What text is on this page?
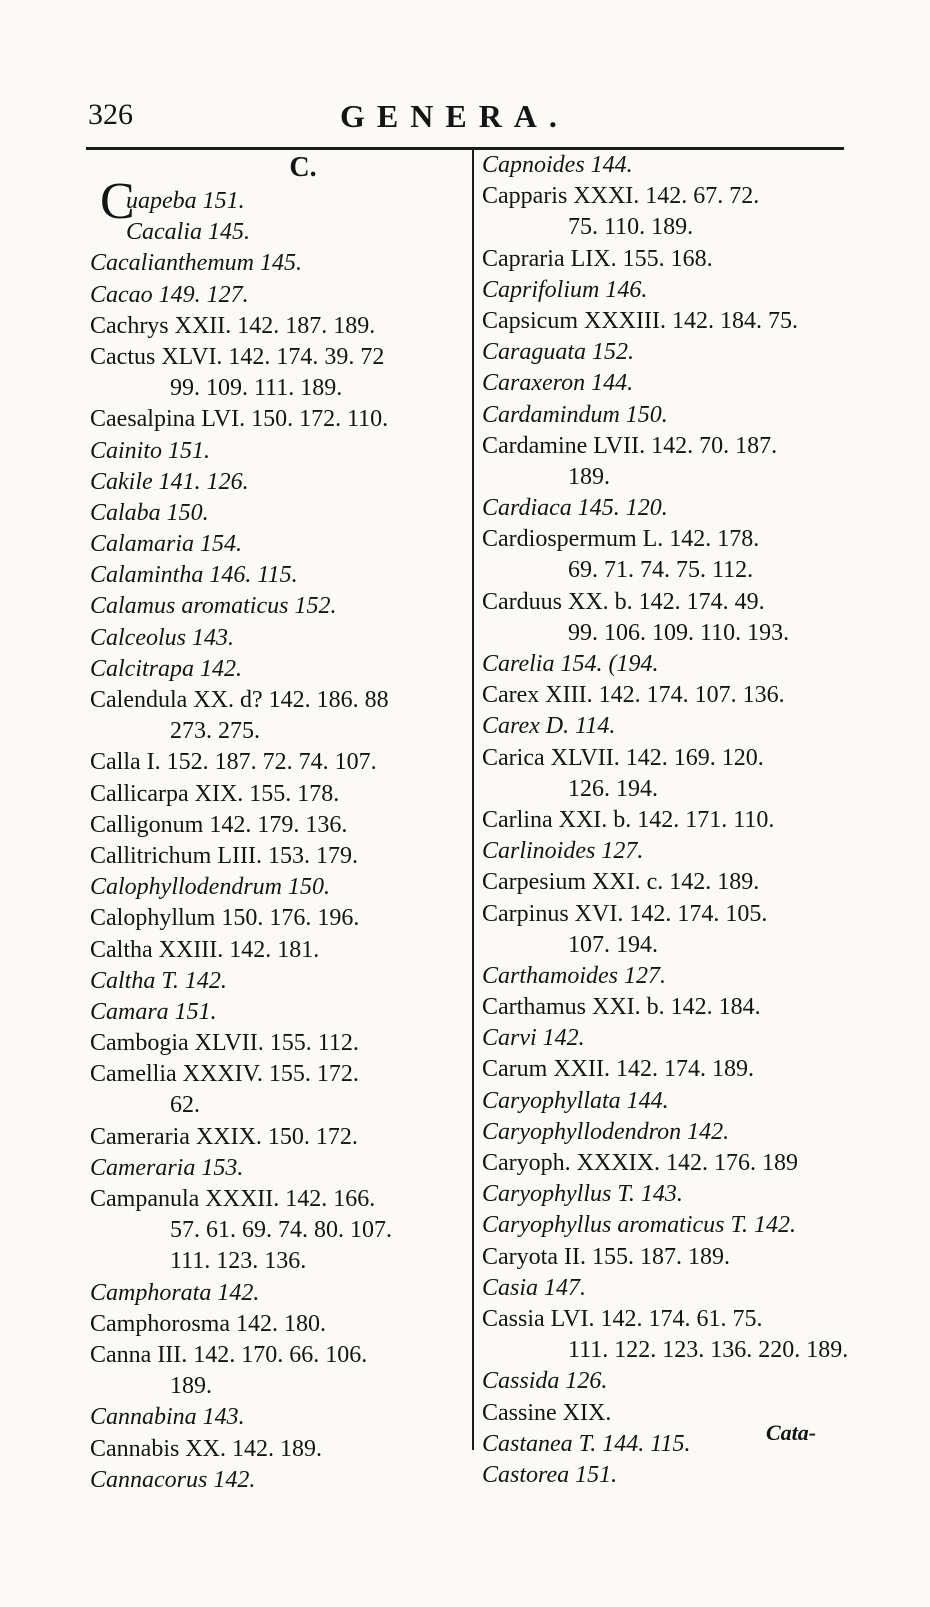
326	GENERA.
C.
C
uapeba 151.
Cacalia 145.
Cacalianthemum 145.
Cacao 149. 127.
Cachrys XXII. 142. 187. 189.
Cactus XLVI. 142. 174. 39. 72
99. 109. 111. 189.
Caesalpina LVI. 150. 172. 110.
Cainito 151.
Cakile 141. 126.
Calaba 150.
Calamaria 154.
Calamintha 146. 115.
Calamus aromaticus 152.
Calceolus 143.
Calcitrapa 142.
Calendula XX. d? 142. 186. 88
273. 275.
Calla I. 152. 187. 72. 74. 107.
Callicarpa XIX. 155. 178.
Calligonum 142. 179. 136.
Callitrichum LIII. 153. 179.
Calophyllodendrum 150.
Calophyllum 150. 176. 196.
Caltha XXIII. 142. 181.
Caltha T. 142.
Camara 151.
Cambogia XLVII. 155. 112.
Camellia XXXIV. 155. 172.
62.
Cameraria XXIX. 150. 172.
Cameraria 153.
Campanula XXXII. 142. 166.
57. 61. 69. 74. 80. 107.
111. 123. 136.
Camphorata 142.
Camphorosma 142. 180.
Canna III. 142. 170. 66. 106.
189.
Cannabina 143.
Cannabis XX. 142. 189.
Cannacorus 142.
Capnoides 144.
Capparis XXXI. 142. 67. 72.
75. 110. 189.
Capraria LIX. 155. 168.
Caprifolium 146.
Capsicum XXXIII. 142. 184. 75.
Caraguata 152.
Caraxeron 144.
Cardamindum 150.
Cardamine LVII. 142. 70. 187.
189.
Cardiaca 145. 120.
Cardiospermum L. 142. 178.
69. 71. 74. 75. 112.
Carduus XX. b. 142. 174. 49.
99. 106. 109. 110. 193.
Carelia 154. (194.
Carex XIII. 142. 174. 107. 136.
Carex D. 114.
Carica XLVII. 142. 169. 120.
126. 194.
Carlina XXI. b. 142. 171. 110.
Carlinoides 127.
Carpesium XXI. c. 142. 189.
Carpinus XVI. 142. 174. 105.
107. 194.
Carthamoides 127.
Carthamus XXI. b. 142. 184.
Carvi 142.
Carum XXII. 142. 174. 189.
Caryophyllata 144.
Caryophyllodendron 142.
Caryoph. XXXIX. 142. 176. 189
Caryophyllus T. 143.
Caryophyllus aromaticus T. 142.
Caryota II. 155. 187. 189.
Casia 147.
Cassia LVI. 142. 174. 61. 75.
111. 122. 123. 136. 220. 189.
Cassida 126.
Cassine XIX.
Castanea T. 144. 115.
Castorea 151.
Cata-
